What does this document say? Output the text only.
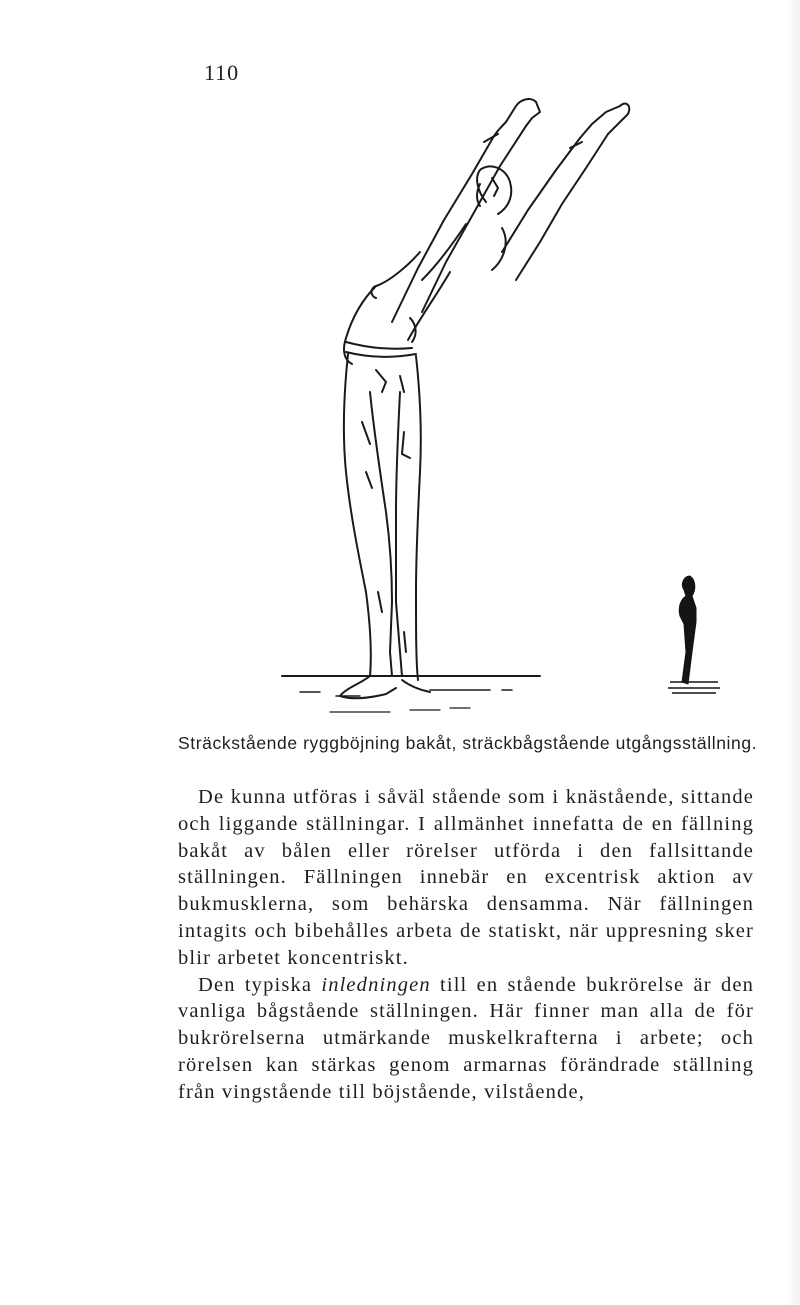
110
Sträckstående ryggböjning bakåt, sträckbågstående utgångsställning.

De kunna utföras i såväl stående som i knästående, sittande och liggande ställningar. I allmänhet innefatta de en fällning bakåt av bålen eller rörelser utförda i den fallsittande ställningen. Fällningen innebär en excentrisk aktion av bukmusklerna, som behärska densamma. När fällningen intagits och bibehålles arbeta de statiskt, när uppresning sker blir arbetet koncentriskt.

Den typiska inledningen till en stående bukrörelse är den vanliga bågstående ställningen. Här finner man alla de för bukrörelserna utmärkande muskelkrafterna i arbete; och rörelsen kan stärkas genom armarnas förändrade ställning från vingstående till böjstående, vilstående,
